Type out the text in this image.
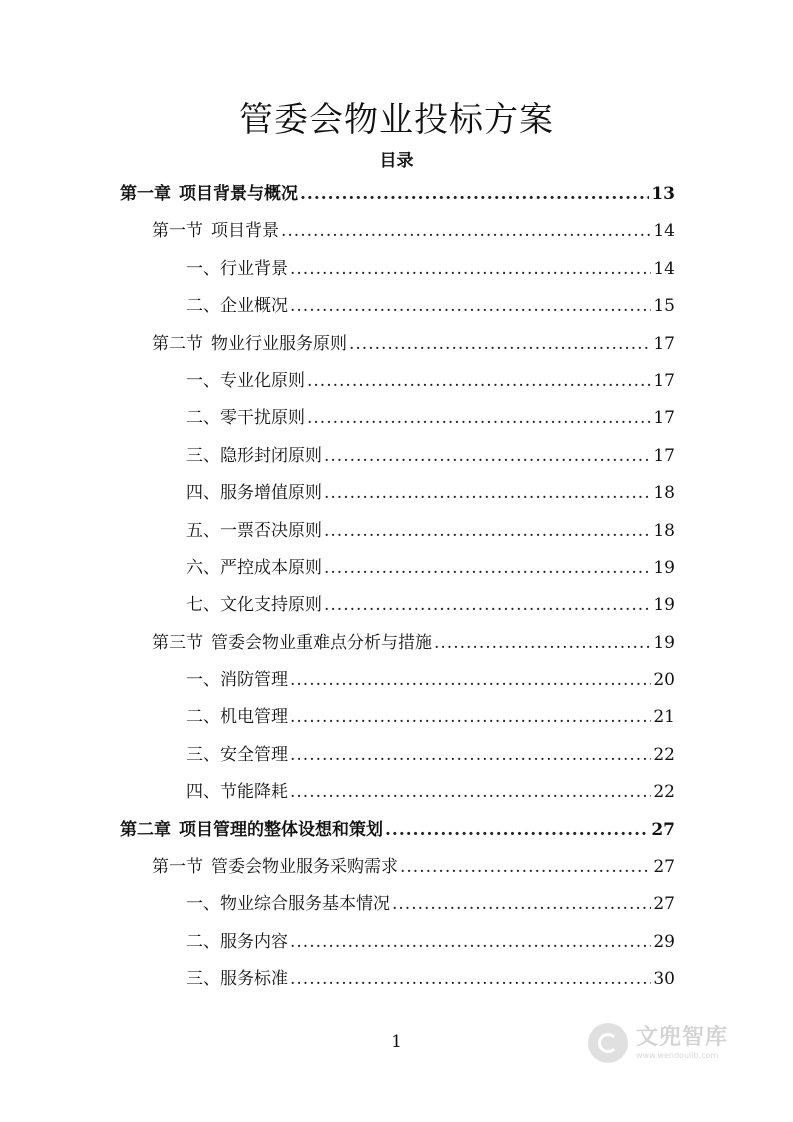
管委会物业投标方案
目录
第一章 项目背景与概况 .....	13
第一节 项目背景 .....	14
一、行业背景 .....	14
二、企业概况 .....	15
第二节 物业行业服务原则 .....	17
一、专业化原则 .....	17
二、零干扰原则 .....	17
三、隐形封闭原则 .....	17
四、服务增值原则 .....	18
五、一票否决原则 .....	18
六、严控成本原则 .....	19
七、文化支持原则 .....	19
第三节 管委会物业重难点分析与措施 .....	19
一、消防管理 .....	20
二、机电管理 .....	21
三、安全管理 .....	22
四、节能降耗 .....	22
第二章 项目管理的整体设想和策划 .....	27
第一节 管委会物业服务采购需求 .....	27
一、物业综合服务基本情况 .....	27
二、服务内容 .....	29
三、服务标准 .....	30
1	文兜智库
www.wendoulib.com
